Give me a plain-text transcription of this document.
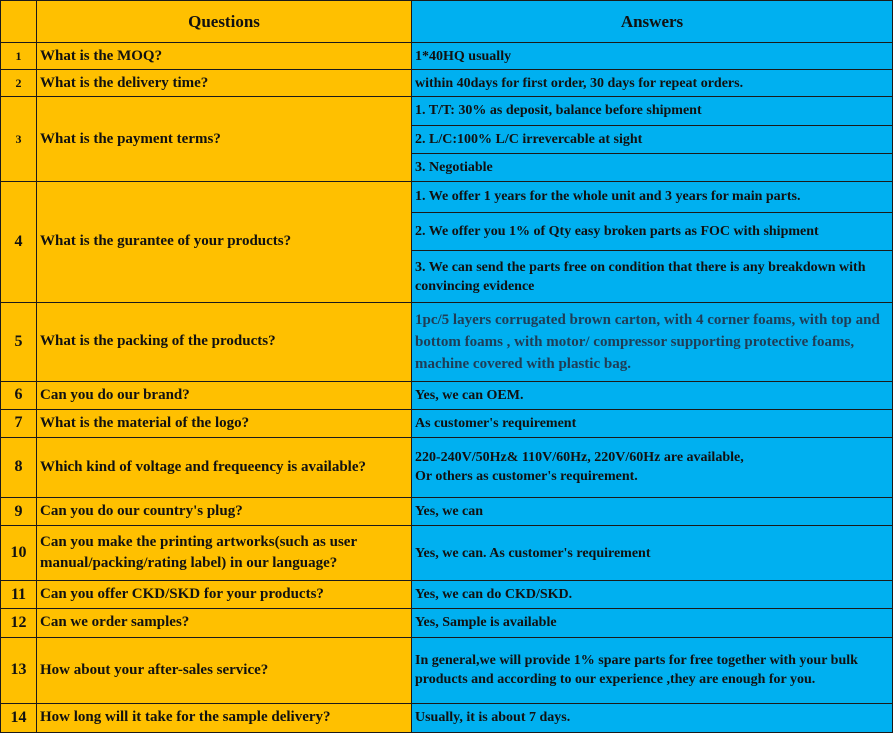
	Questions	Answers
1	What is the MOQ?	1*40HQ usually
2	What is the delivery time?	within 40days for first order, 30 days for repeat orders.
3	What is the payment terms?	1. T/T: 30% as deposit, balance before shipment
		2. L/C:100% L/C irrevercable at sight
		3. Negotiable
4	What is the gurantee of your products?	1. We offer 1 years for the whole unit and 3 years for main parts.
		2. We offer you 1% of Qty easy broken parts as FOC with shipment
		3. We can send the parts free on condition that there is any breakdown with convincing evidence
5	What is the packing of the products?	1pc/5 layers corrugated brown carton, with 4 corner foams, with top and bottom foams , with motor/ compressor supporting protective foams, machine covered with plastic bag.
6	Can you do our brand?	Yes, we can OEM.
7	What is the material of the logo?	As customer's requirement
8	Which kind of voltage and frequeency is available?	220-240V/50Hz& 110V/60Hz, 220V/60Hz are available,
Or others as customer's requirement.

9	Can you do our country's plug?	Yes, we can
10	Can you make the printing artworks(such as user manual/packing/rating label) in our language?	Yes, we can. As customer's requirement
11	Can you offer CKD/SKD for your products?	Yes, we can do CKD/SKD.
12	Can we order samples?	Yes, Sample is available
13	How about your after-sales service?	In general,we will provide 1% spare parts for free together with your bulk products and according to our experience ,they are enough for you.
14	How long will it take for the sample delivery?	Usually, it is about 7 days.
